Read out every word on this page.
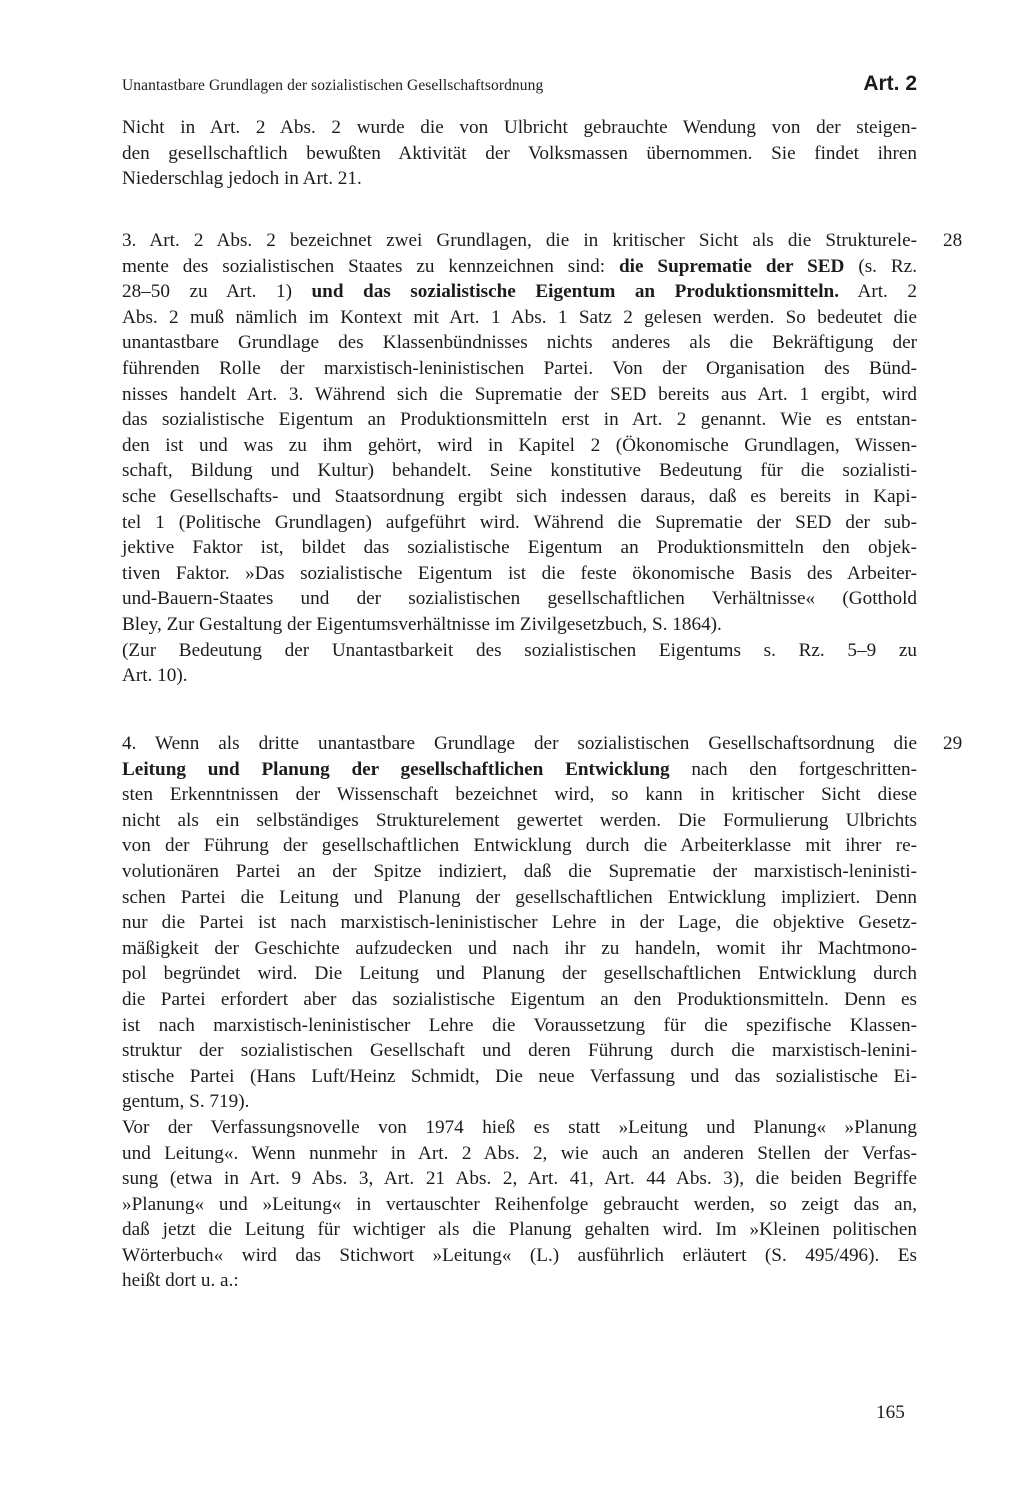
Unantastbare Grundlagen der sozialistischen Gesellschaftsordnung	Art. 2
Nicht in Art. 2 Abs. 2 wurde die von Ulbricht gebrauchte Wendung von der steigen-
den gesellschaftlich bewußten Aktivität der Volksmassen übernommen. Sie findet ihren
Niederschlag jedoch in Art. 21.
28
3. Art. 2 Abs. 2 bezeichnet zwei Grundlagen, die in kritischer Sicht als die Strukturele-
mente des sozialistischen Staates zu kennzeichnen sind: die Suprematie der SED (s. Rz.
28–50 zu Art. 1) und das sozialistische Eigentum an Produktionsmitteln. Art. 2
Abs. 2 muß nämlich im Kontext mit Art. 1 Abs. 1 Satz 2 gelesen werden. So bedeutet die
unantastbare Grundlage des Klassenbündnisses nichts anderes als die Bekräftigung der
führenden Rolle der marxistisch-leninistischen Partei. Von der Organisation des Bünd-
nisses handelt Art. 3. Während sich die Suprematie der SED bereits aus Art. 1 ergibt, wird
das sozialistische Eigentum an Produktionsmitteln erst in Art. 2 genannt. Wie es entstan-
den ist und was zu ihm gehört, wird in Kapitel 2 (Ökonomische Grundlagen, Wissen-
schaft, Bildung und Kultur) behandelt. Seine konstitutive Bedeutung für die sozialisti-
sche Gesellschafts- und Staatsordnung ergibt sich indessen daraus, daß es bereits in Kapi-
tel 1 (Politische Grundlagen) aufgeführt wird. Während die Suprematie der SED der sub-
jektive Faktor ist, bildet das sozialistische Eigentum an Produktionsmitteln den objek-
tiven Faktor. »Das sozialistische Eigentum ist die feste ökonomische Basis des Arbeiter-
und-Bauern-Staates und der sozialistischen gesellschaftlichen Verhältnisse« (Gotthold
Bley, Zur Gestaltung der Eigentumsverhältnisse im Zivilgesetzbuch, S. 1864).
(Zur Bedeutung der Unantastbarkeit des sozialistischen Eigentums s. Rz. 5–9 zu
Art. 10).
29
4. Wenn als dritte unantastbare Grundlage der sozialistischen Gesellschaftsordnung die
Leitung und Planung der gesellschaftlichen Entwicklung nach den fortgeschritten-
sten Erkenntnissen der Wissenschaft bezeichnet wird, so kann in kritischer Sicht diese
nicht als ein selbständiges Strukturelement gewertet werden. Die Formulierung Ulbrichts
von der Führung der gesellschaftlichen Entwicklung durch die Arbeiterklasse mit ihrer re-
volutionären Partei an der Spitze indiziert, daß die Suprematie der marxistisch-leninisti-
schen Partei die Leitung und Planung der gesellschaftlichen Entwicklung impliziert. Denn
nur die Partei ist nach marxistisch-leninistischer Lehre in der Lage, die objektive Gesetz-
mäßigkeit der Geschichte aufzudecken und nach ihr zu handeln, womit ihr Machtmono-
pol begründet wird. Die Leitung und Planung der gesellschaftlichen Entwicklung durch
die Partei erfordert aber das sozialistische Eigentum an den Produktionsmitteln. Denn es
ist nach marxistisch-leninistischer Lehre die Voraussetzung für die spezifische Klassen-
struktur der sozialistischen Gesellschaft und deren Führung durch die marxistisch-lenini-
stische Partei (Hans Luft/Heinz Schmidt, Die neue Verfassung und das sozialistische Ei-
gentum, S. 719).
Vor der Verfassungsnovelle von 1974 hieß es statt »Leitung und Planung« »Planung
und Leitung«. Wenn nunmehr in Art. 2 Abs. 2, wie auch an anderen Stellen der Verfas-
sung (etwa in Art. 9 Abs. 3, Art. 21 Abs. 2, Art. 41, Art. 44 Abs. 3), die beiden Begriffe
»Planung« und »Leitung« in vertauschter Reihenfolge gebraucht werden, so zeigt das an,
daß jetzt die Leitung für wichtiger als die Planung gehalten wird. Im »Kleinen politischen
Wörterbuch« wird das Stichwort »Leitung« (L.) ausführlich erläutert (S. 495/496). Es
heißt dort u. a.:
165
